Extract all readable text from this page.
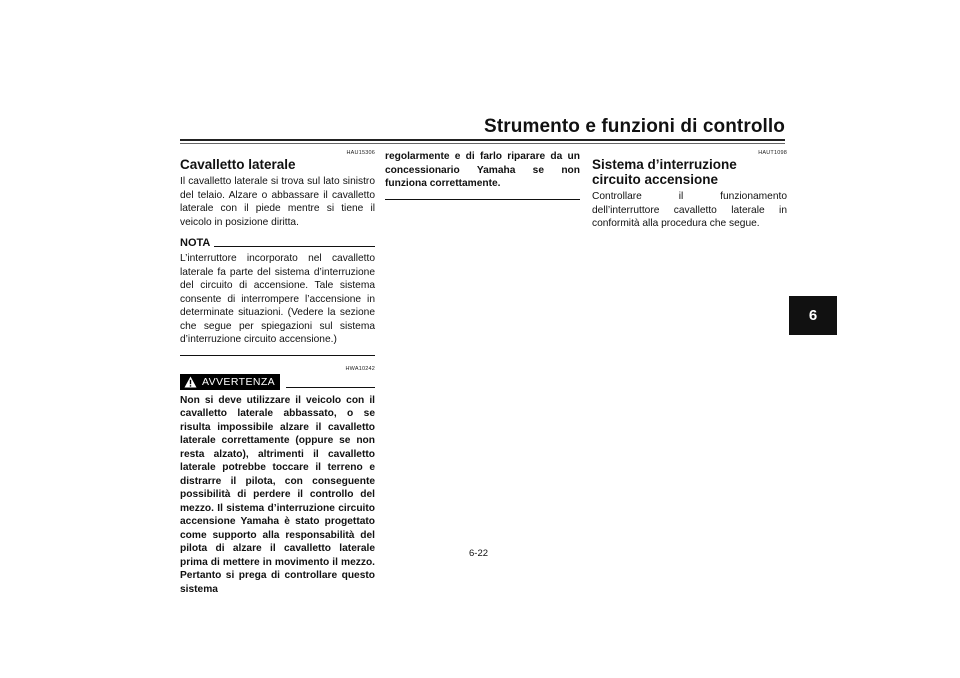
Strumento e funzioni di controllo
6
HAU15306
Cavalletto laterale

Il cavalletto laterale si trova sul lato sinistro del telaio. Alzare o abbassare il cavalletto laterale con il piede mentre si tiene il veicolo in posizione diritta.

NOTA

L’interruttore incorporato nel cavalletto laterale fa parte del sistema d’interruzione del circuito di accensione. Tale sistema consente di interrompere l’accensione in determinate situazioni. (Vedere la sezione che segue per spiegazioni sul sistema d’interruzione circuito accensione.)

HWA10242
AVVERTENZA

Non si deve utilizzare il veicolo con il cavalletto laterale abbassato, o se risulta impossibile alzare il cavalletto laterale correttamente (oppure se non resta alzato), altrimenti il cavalletto laterale potrebbe toccare il terreno e distrarre il pilota, con conseguente possibilità di perdere il controllo del mezzo. Il sistema d’interruzione circuito accensione Yamaha è stato progettato come supporto alla responsabilità del pilota di alzare il cavalletto laterale prima di mettere in movimento il mezzo. Pertanto si prega di controllare questo sistema

regolarmente e di farlo riparare da un concessionario Yamaha se non funziona correttamente.

HAUT1098
Sistema d’interruzione circuito accensione

Controllare il funzionamento dell’interruttore cavalletto laterale in conformità alla procedura che segue.

6-22
